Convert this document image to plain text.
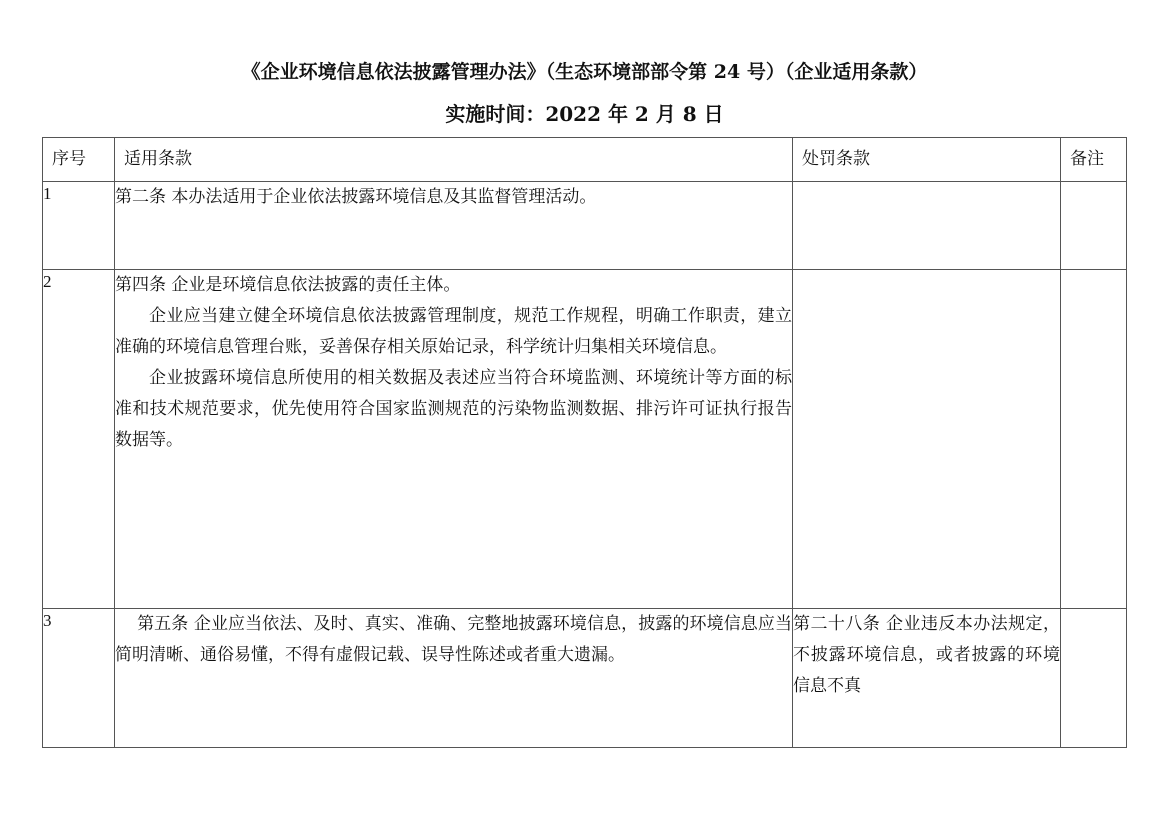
《企业环境信息依法披露管理办法》（生态环境部部令第 24 号）（企业适用条款）
实施时间：2022 年 2 月 8 日
序号	适用条款	处罚条款	备注
1	第二条 本办法适用于企业依法披露环境信息及其监督管理活动。		

2	第四条 企业是环境信息依法披露的责任主体。

企业应当建立健全环境信息依法披露管理制度，规范工作规程，明确工作职责，建立准确的环境信息管理台账，妥善保存相关原始记录，科学统计归集相关环境信息。

企业披露环境信息所使用的相关数据及表述应当符合环境监测、环境统计等方面的标准和技术规范要求，优先使用符合国家监测规范的污染物监测数据、排污许可证执行报告数据等。		

3	第五条 企业应当依法、及时、真实、准确、完整地披露环境信息，披露的环境信息应当简明清晰、通俗易懂，不得有虚假记载、误导性陈述或者重大遗漏。	第二十八条 企业违反本办法规定，不披露环境信息，或者披露的环境信息不真	
